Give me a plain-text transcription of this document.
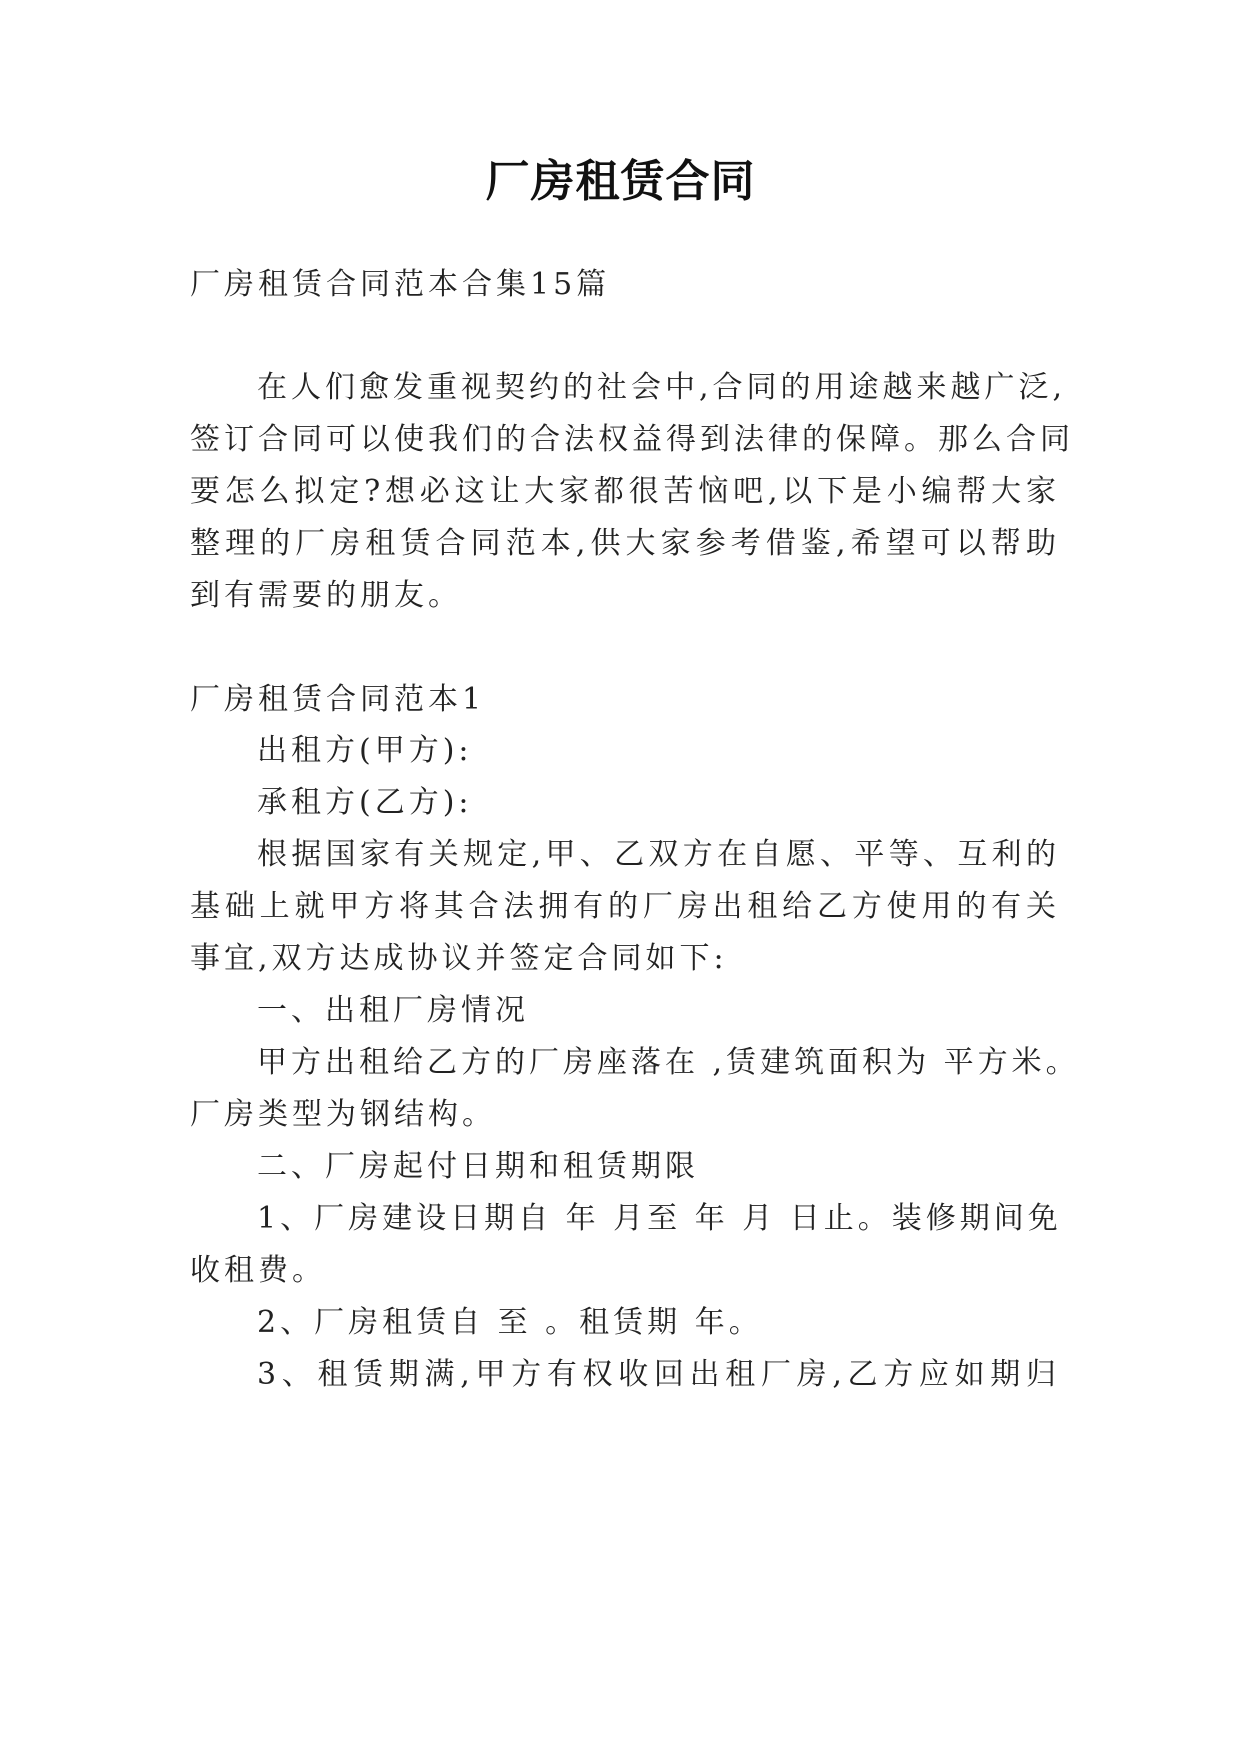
厂房租赁合同
厂房租赁合同范本合集15篇
在人们愈发重视契约的社会中,合同的用途越来越广泛,
签订合同可以使我们的合法权益得到法律的保障。那么合同
要怎么拟定?想必这让大家都很苦恼吧,以下是小编帮大家
整理的厂房租赁合同范本,供大家参考借鉴,希望可以帮助
到有需要的朋友。
厂房租赁合同范本1
出租方(甲方):
承租方(乙方):
根据国家有关规定,甲、乙双方在自愿、平等、互利的
基础上就甲方将其合法拥有的厂房出租给乙方使用的有关
事宜,双方达成协议并签定合同如下:
一、出租厂房情况
甲方出租给乙方的厂房座落在 ,赁建筑面积为 平方米。
厂房类型为钢结构。
二、厂房起付日期和租赁期限
1、厂房建设日期自 年 月至 年 月 日止。装修期间免
收租费。
2、厂房租赁自 至 。租赁期 年。
3、租赁期满,甲方有权收回出租厂房,乙方应如期归
